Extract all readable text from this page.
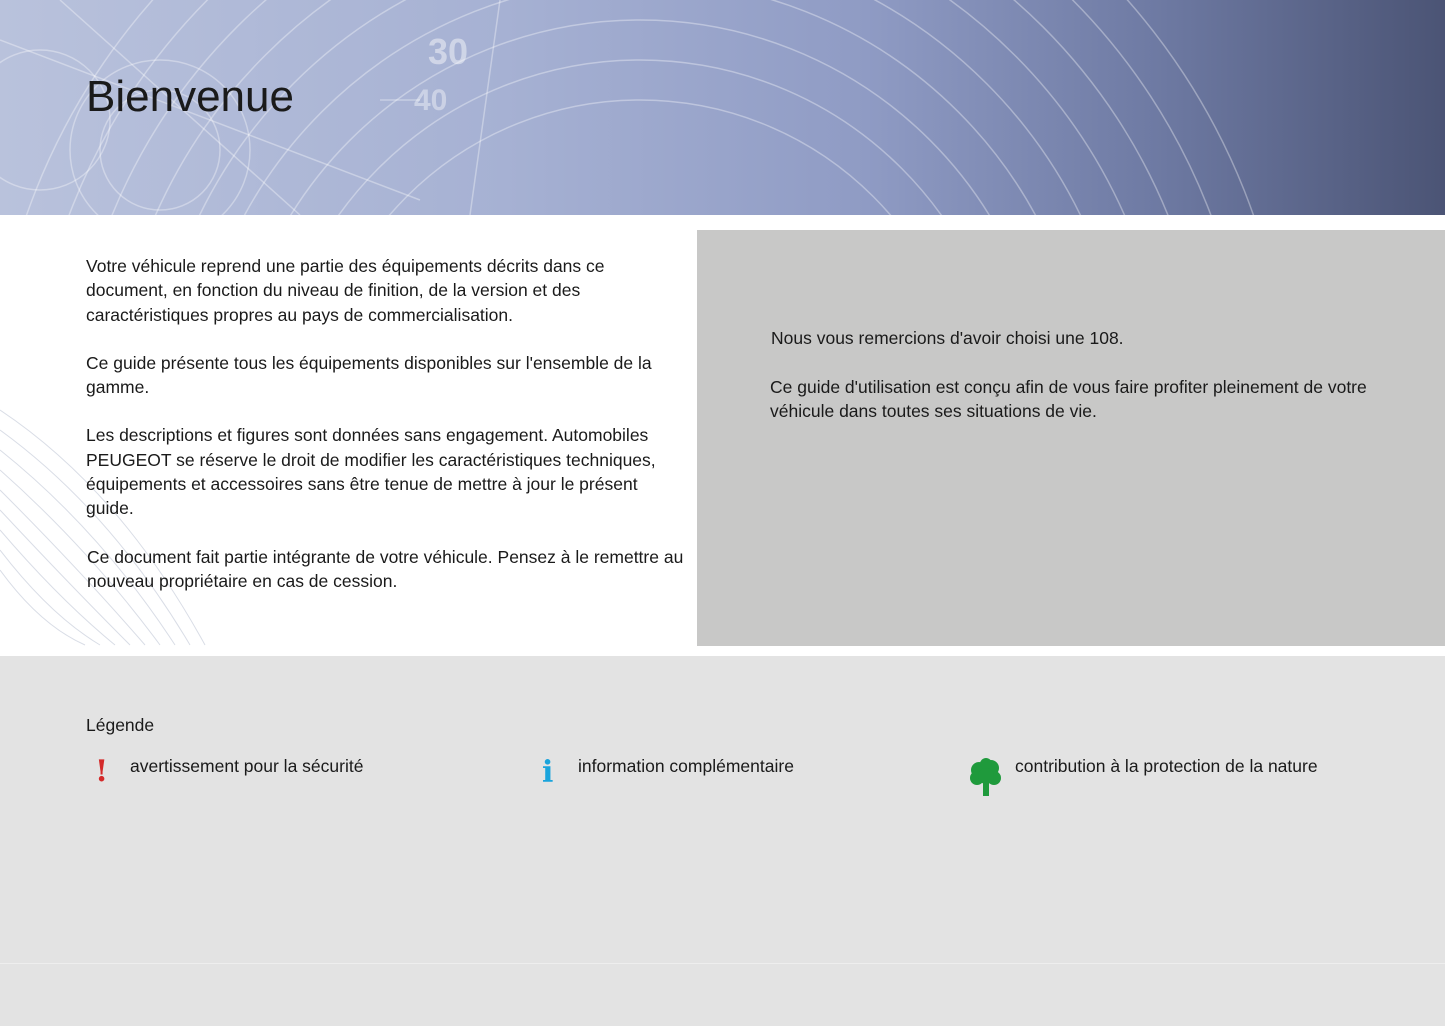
30
40
Bienvenue

Votre véhicule reprend une partie des équipements décrits dans ce document, en fonction du niveau de finition, de la version et des caractéristiques propres au pays de commercialisation.

Ce guide présente tous les équipements disponibles sur l'ensemble de la gamme.

Les descriptions et figures sont données sans engagement. Automobiles PEUGEOT se réserve le droit de modifier les caractéristiques techniques, équipements et accessoires sans être tenue de mettre à jour le présent guide.

Ce document fait partie intégrante de votre véhicule. Pensez à le remettre au nouveau propriétaire en cas de cession.

Nous vous remercions d'avoir choisi une 108.
Ce guide d'utilisation est conçu afin de vous faire profiter pleinement de votre véhicule dans toutes ses situations de vie.
Légende
! avertissement pour la sécurité	i information complémentaire	contribution à la protection de la nature
